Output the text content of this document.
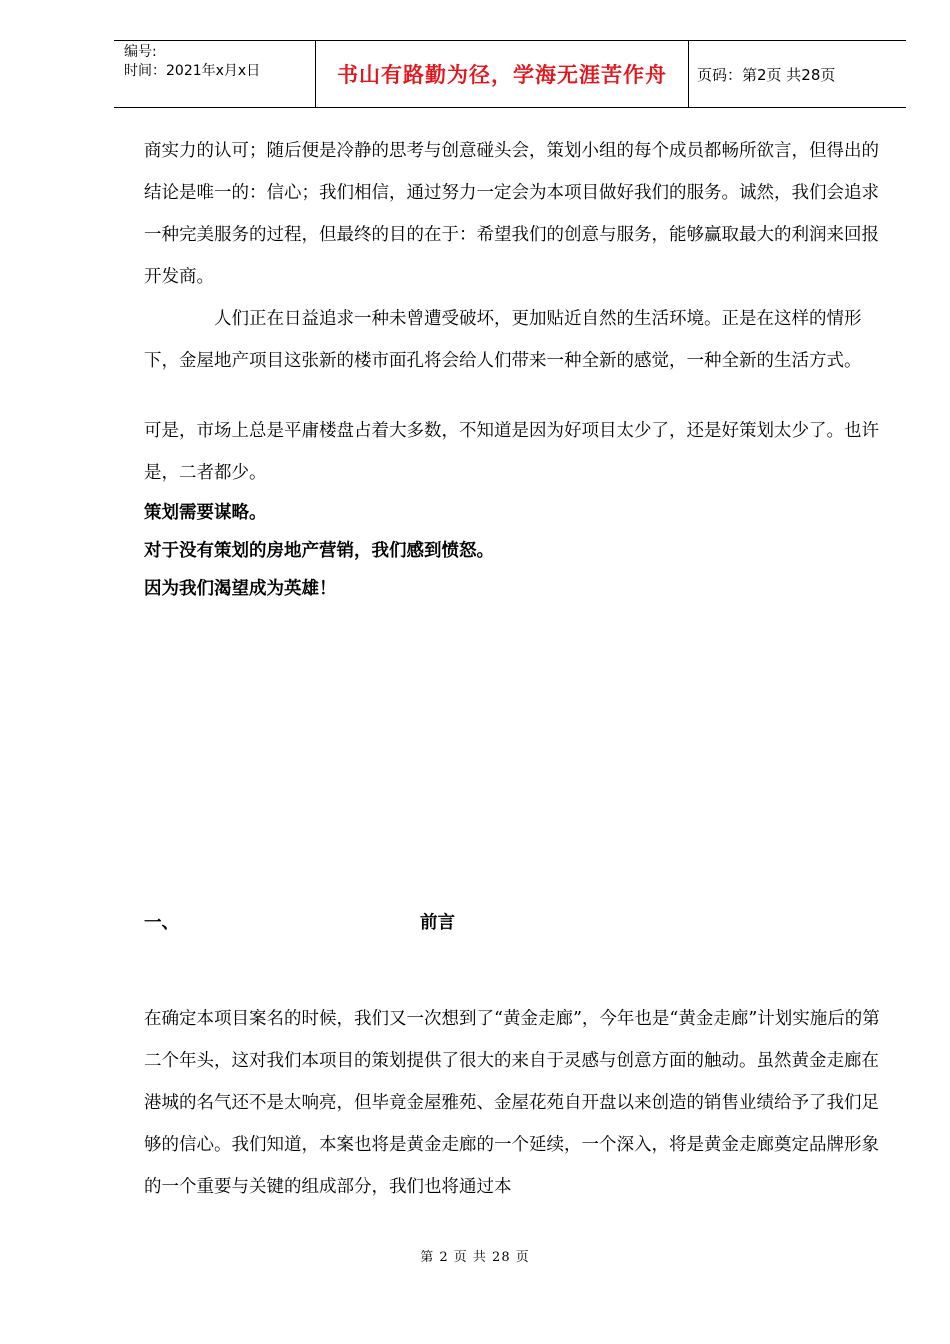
编号:
时间：2021年x月x日	书山有路勤为径，学海无涯苦作舟	页码：第2页 共28页

商实力的认可；随后便是冷静的思考与创意碰头会，策划小组的每个成员都畅所欲言，但得出的结论是唯一的：信心；我们相信，通过努力一定会为本项目做好我们的服务。诚然，我们会追求一种完美服务的过程，但最终的目的在于：希望我们的创意与服务，能够赢取最大的利润来回报开发商。

人们正在日益追求一种未曾遭受破坏，更加贴近自然的生活环境。正是在这样的情形下，金屋地产项目这张新的楼市面孔将会给人们带来一种全新的感觉，一种全新的生活方式。

可是，市场上总是平庸楼盘占着大多数，不知道是因为好项目太少了，还是好策划太少了。也许是，二者都少。

策划需要谋略。

对于没有策划的房地产营销，我们感到愤怒。

因为我们渴望成为英雄！

一、	前言

在确定本项目案名的时候，我们又一次想到了“黄金走廊”，今年也是“黄金走廊”计划实施后的第二个年头，这对我们本项目的策划提供了很大的来自于灵感与创意方面的触动。虽然黄金走廊在港城的名气还不是太响亮，但毕竟金屋雅苑、金屋花苑自开盘以来创造的销售业绩给予了我们足够的信心。我们知道，本案也将是黄金走廊的一个延续，一个深入，将是黄金走廊奠定品牌形象的一个重要与关键的组成部分，我们也将通过本

第 2 页 共 28 页
